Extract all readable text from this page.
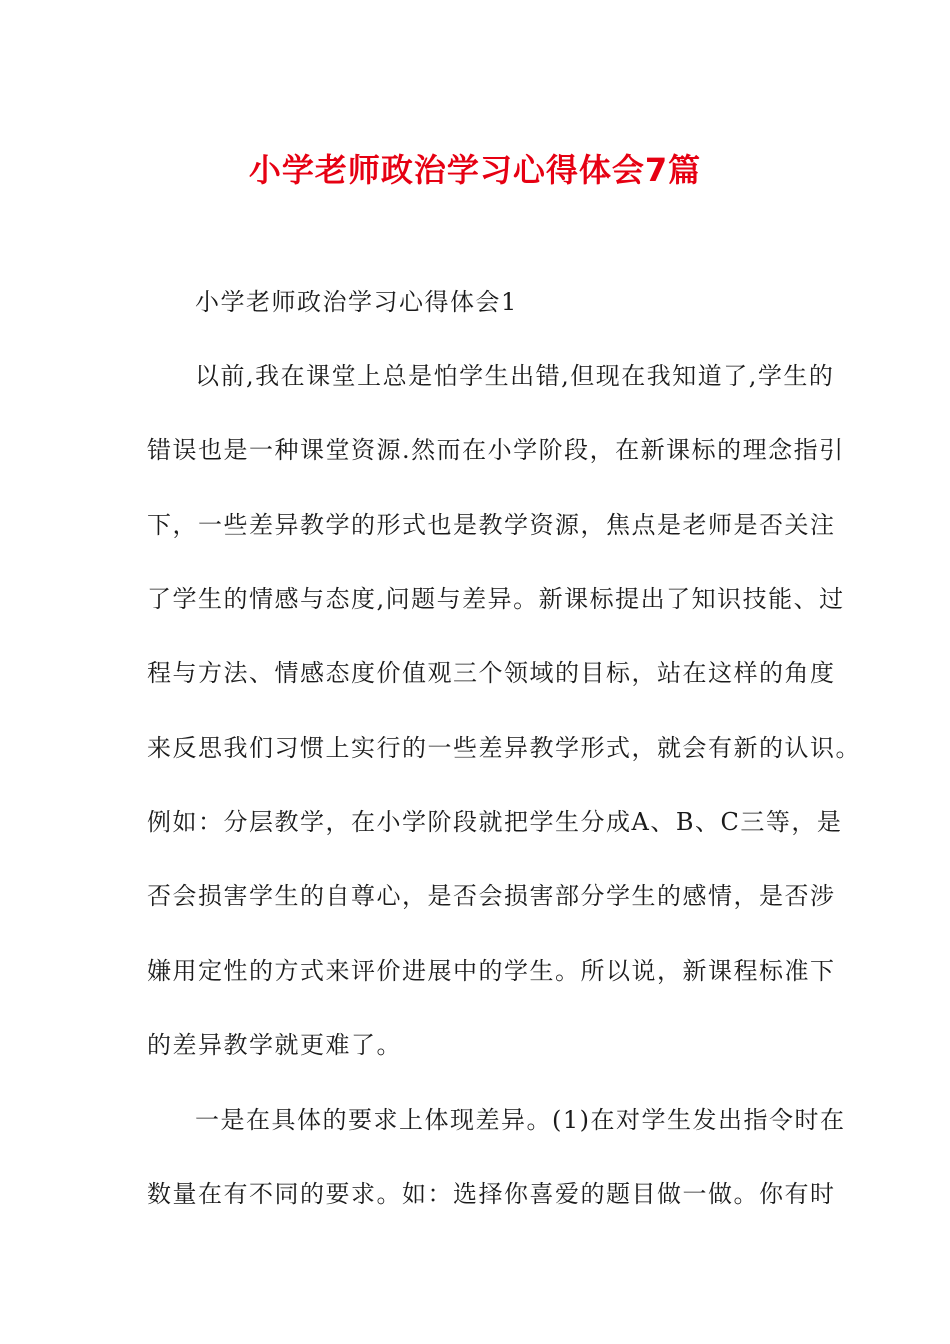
小学老师政治学习心得体会7篇
小学老师政治学习心得体会1
以前,我在课堂上总是怕学生出错,但现在我知道了,学生的
错误也是一种课堂资源.然而在小学阶段，在新课标的理念指引
下，一些差异教学的形式也是教学资源，焦点是老师是否关注
了学生的情感与态度,问题与差异。新课标提出了知识技能、过
程与方法、情感态度价值观三个领域的目标，站在这样的角度
来反思我们习惯上实行的一些差异教学形式，就会有新的认识。
例如：分层教学，在小学阶段就把学生分成A、B、C三等，是
否会损害学生的自尊心，是否会损害部分学生的感情，是否涉
嫌用定性的方式来评价进展中的学生。所以说，新课程标准下
的差异教学就更难了。
一是在具体的要求上体现差异。(1)在对学生发出指令时在
数量在有不同的要求。如：选择你喜爱的题目做一做。你有时
